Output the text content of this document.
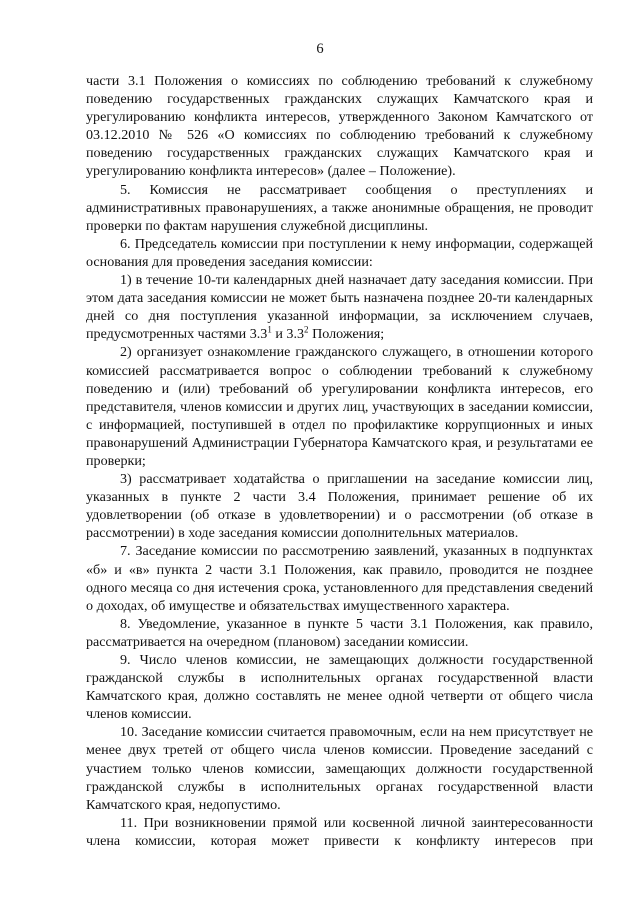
6

части 3.1 Положения о комиссиях по соблюдению требований к служебному поведению государственных гражданских служащих Камчатского края и урегулированию конфликта интересов, утвержденного Законом Камчатского от 03.12.2010 № 526 «О комиссиях по соблюдению требований к служебному поведению государственных гражданских служащих Камчатского края и урегулированию конфликта интересов» (далее – Положение).

5. Комиссия не рассматривает сообщения о преступлениях и административных правонарушениях, а также анонимные обращения, не проводит проверки по фактам нарушения служебной дисциплины.

6. Председатель комиссии при поступлении к нему информации, содержащей основания для проведения заседания комиссии:

1) в течение 10-ти календарных дней назначает дату заседания комиссии. При этом дата заседания комиссии не может быть назначена позднее 20-ти календарных дней со дня поступления указанной информации, за исключением случаев, предусмотренных частями $3.3^1$ и $3.3^2$ Положения;

2) организует ознакомление гражданского служащего, в отношении которого комиссией рассматривается вопрос о соблюдении требований к служебному поведению и (или) требований об урегулировании конфликта интересов, его представителя, членов комиссии и других лиц, участвующих в заседании комиссии, с информацией, поступившей в отдел по профилактике коррупционных и иных правонарушений Администрации Губернатора Камчатского края, и результатами ее проверки;

3) рассматривает ходатайства о приглашении на заседание комиссии лиц, указанных в пункте 2 части 3.4 Положения, принимает решение об их удовлетворении (об отказе в удовлетворении) и о рассмотрении (об отказе в рассмотрении) в ходе заседания комиссии дополнительных материалов.

7. Заседание комиссии по рассмотрению заявлений, указанных в подпунктах «б» и «в» пункта 2 части 3.1 Положения, как правило, проводится не позднее одного месяца со дня истечения срока, установленного для представления сведений о доходах, об имуществе и обязательствах имущественного характера.

8. Уведомление, указанное в пункте 5 части 3.1 Положения, как правило, рассматривается на очередном (плановом) заседании комиссии.

9. Число членов комиссии, не замещающих должности государственной гражданской службы в исполнительных органах государственной власти Камчатского края, должно составлять не менее одной четверти от общего числа членов комиссии.

10. Заседание комиссии считается правомочным, если на нем присутствует не менее двух третей от общего числа членов комиссии. Проведение заседаний с участием только членов комиссии, замещающих должности государственной гражданской службы в исполнительных органах государственной власти Камчатского края, недопустимо.

11. При возникновении прямой или косвенной личной заинтересованности члена комиссии, которая может привести к конфликту интересов при
